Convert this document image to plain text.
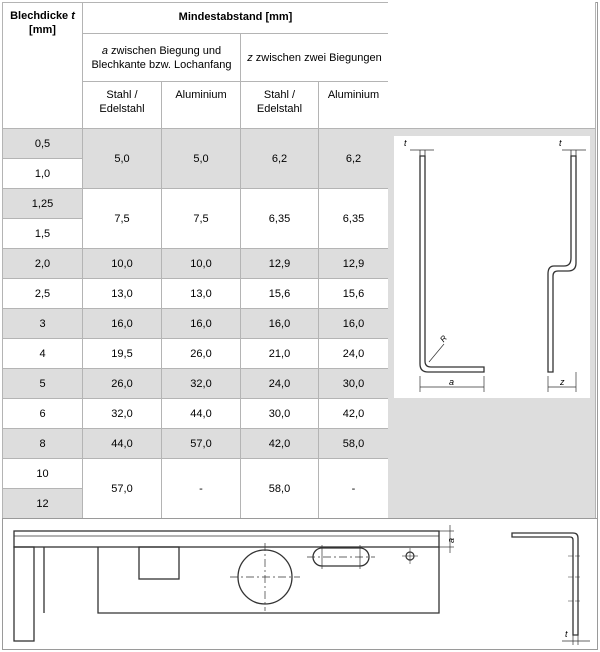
Blechdicke t
[mm]	Mindestabstand [mm]			
	a zwischen Biegung und Blechkante bzw. Lochanfang		z zwischen zwei Biegungen	
	Stahl / Edelstahl	Aluminium	Stahl / Edelstahl	Aluminium
0,5	5,0	5,0	6,2	6,2
1,0				
1,25	7,5	7,5	6,35	6,35
1,5				
2,0	10,0	10,0	12,9	12,9
2,5	13,0	13,0	15,6	15,6
3	16,0	16,0	16,0	16,0
4	19,5	26,0	21,0	24,0
5	26,0	32,0	24,0	30,0
6	32,0	44,0	30,0	42,0
8	44,0	57,0	42,0	58,0
10	57,0	-	58,0	-
12				
t
R
a
t
z
a
t
